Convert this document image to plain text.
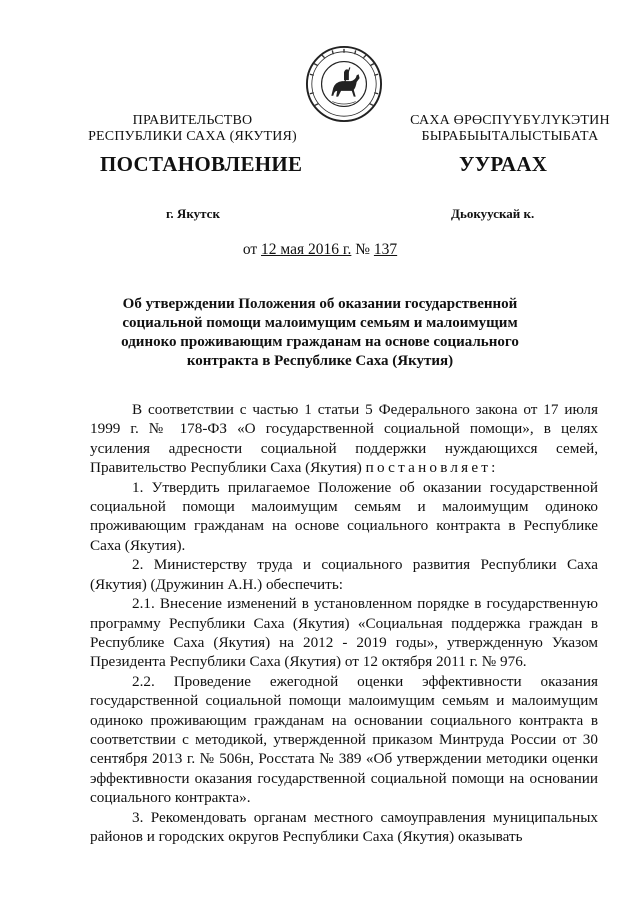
ПРАВИТЕЛЬСТВО
РЕСПУБЛИКИ САХА (ЯКУТИЯ)
САХА ӨРӨСПҮҮБҮЛҮКЭТИН
БЫРАБЫЫТАЛЫСТЫБАТА
ПОСТАНОВЛЕНИЕ	УУРААХ
г. Якутск	Дьокуускай к.
от 12 мая 2016 г. № 137
Об утверждении Положения об оказании государственной социальной помощи малоимущим семьям и малоимущим одиноко проживающим гражданам на основе социального контракта в Республике Саха (Якутия)

В соответствии с частью 1 статьи 5 Федерального закона от 17 июля 1999 г. № 178-ФЗ «О государственной социальной помощи», в целях усиления адресности социальной поддержки нуждающихся семей, Правительство Республики Саха (Якутия) постановляет:

1. Утвердить прилагаемое Положение об оказании государственной социальной помощи малоимущим семьям и малоимущим одиноко проживающим гражданам на основе социального контракта в Республике Саха (Якутия).

2. Министерству труда и социального развития Республики Саха (Якутия) (Дружинин А.Н.) обеспечить:

2.1. Внесение изменений в установленном порядке в государственную программу Республики Саха (Якутия) «Социальная поддержка граждан в Республике Саха (Якутия) на 2012 - 2019 годы», утвержденную Указом Президента Республики Саха (Якутия) от 12 октября 2011 г. № 976.

2.2. Проведение ежегодной оценки эффективности оказания государственной социальной помощи малоимущим семьям и малоимущим одиноко проживающим гражданам на основании социального контракта в соответствии с методикой, утвержденной приказом Минтруда России от 30 сентября 2013 г. № 506н, Росстата № 389 «Об утверждении методики оценки эффективности оказания государственной социальной помощи на основании социального контракта».

3. Рекомендовать органам местного самоуправления муниципальных районов и городских округов Республики Саха (Якутия) оказывать
